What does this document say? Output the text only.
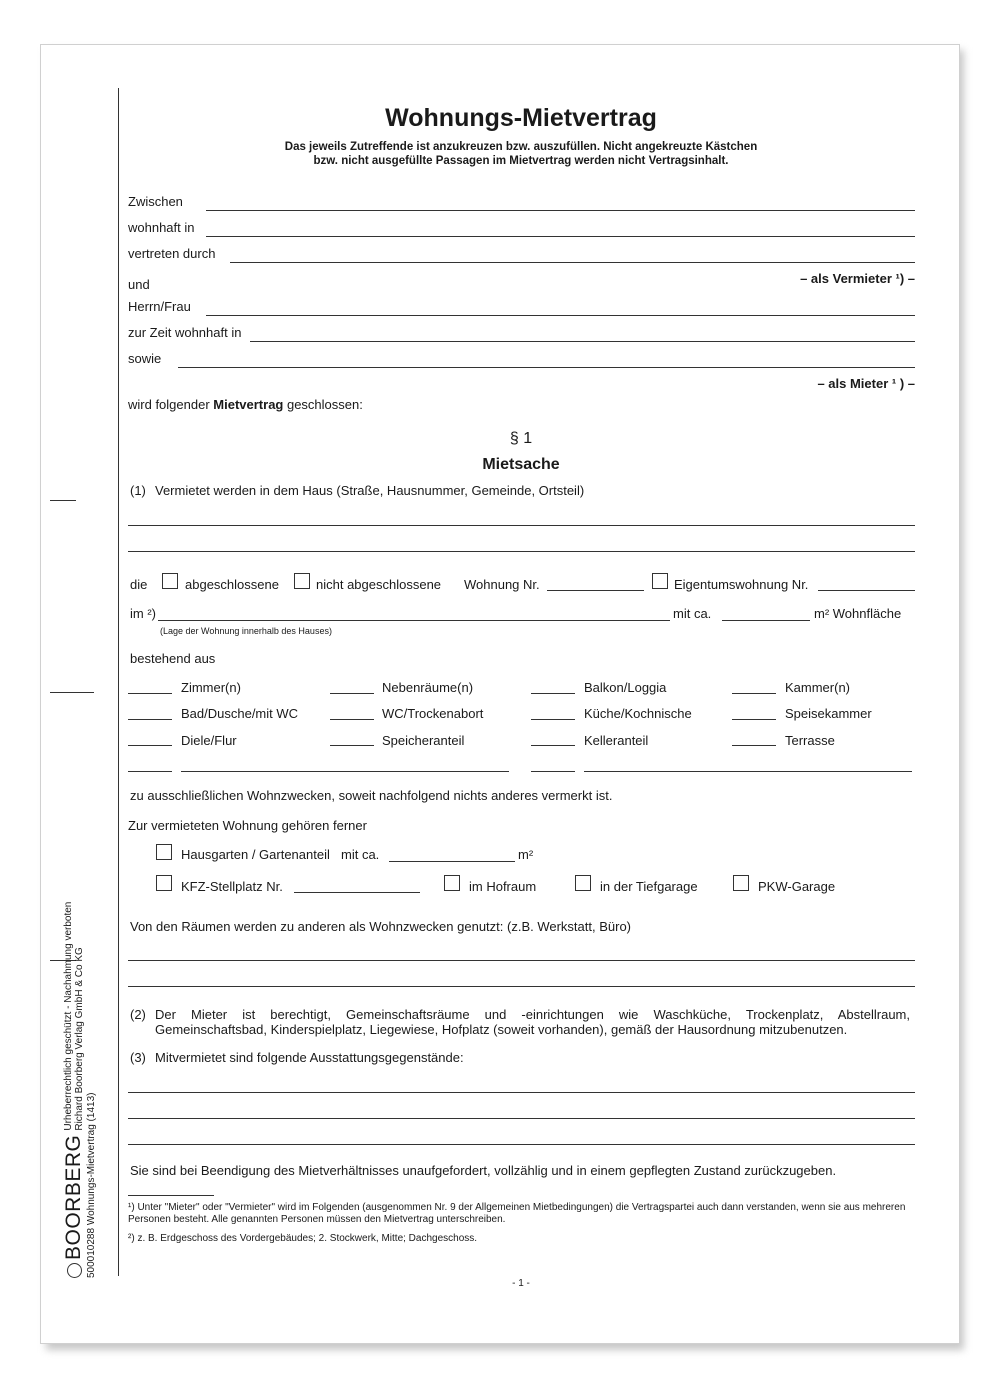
Wohnungs-Mietvertrag
Das jeweils Zutreffende ist anzukreuzen bzw. auszufüllen. Nicht angekreuzte Kästchen
bzw. nicht ausgefüllte Passagen im Mietvertrag werden nicht Vertragsinhalt.
Zwischen
wohnhaft in
vertreten durch
– als Vermieter ¹) –
und
Herrn/Frau
zur Zeit wohnhaft in
sowie
– als Mieter ¹ ) –
wird folgender Mietvertrag geschlossen:
§ 1
Mietsache
(1) Vermietet werden in dem Haus (Straße, Hausnummer, Gemeinde, Ortsteil)
die	abgeschlossene	nicht abgeschlossene Wohnung Nr.	Eigentumswohnung Nr.
im ²)	mit ca.	m² Wohnfläche
(Lage der Wohnung innerhalb des Hauses)
bestehend aus
Zimmer(n)	Nebenräume(n)	Balkon/Loggia	Kammer(n)
Bad/Dusche/mit WC	WC/Trockenabort	Küche/Kochnische	Speisekammer
Diele/Flur	Speicheranteil	Kelleranteil	Terrasse
zu ausschließlichen Wohnzwecken, soweit nachfolgend nichts anderes vermerkt ist.
Zur vermieteten Wohnung gehören ferner
Hausgarten / Gartenanteil mit ca.	m²
KFZ-Stellplatz Nr.	im Hofraum	in der Tiefgarage	PKW-Garage
Von den Räumen werden zu anderen als Wohnzwecken genutzt: (z.B. Werkstatt, Büro)
(2) Der Mieter ist berechtigt, Gemeinschaftsräume und -einrichtungen wie Waschküche, Trockenplatz, Abstellraum, Gemeinschaftsbad, Kinderspielplatz, Liegewiese, Hofplatz (soweit vorhanden), gemäß der Hausordnung mitzubenutzen.
(3) Mitvermietet sind folgende Ausstattungsgegenstände:
Sie sind bei Beendigung des Mietverhältnisses unaufgefordert, vollzählig und in einem gepflegten Zustand zurückzugeben.
¹) Unter "Mieter" oder "Vermieter" wird im Folgenden (ausgenommen Nr. 9 der Allgemeinen Mietbedingungen) die Vertragspartei auch dann verstanden, wenn sie aus mehreren Personen besteht. Alle genannten Personen müssen den Mietvertrag unterschreiben.
²) z. B. Erdgeschoss des Vordergebäudes; 2. Stockwerk, Mitte; Dachgeschoss.
- 1 -
BOORBERG
Urheberrechtlich geschützt - Nachahmung verboten Richard Boorberg Verlag GmbH & Co KG
500010288 Wohnungs-Mietvertrag (1413)
